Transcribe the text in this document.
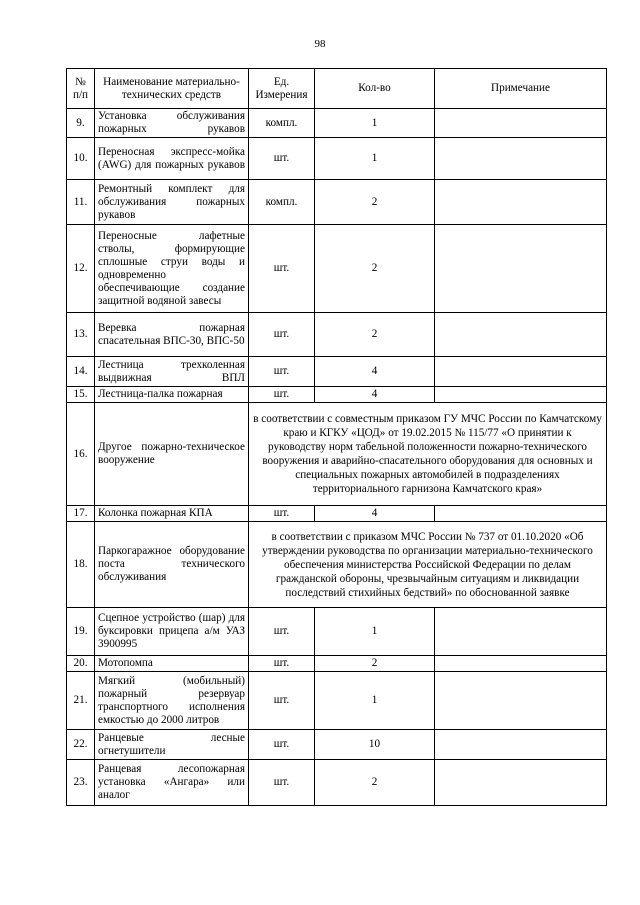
98
№ п/п	Наименование материально-технических средств	Ед. Измерения	Кол-во	Примечание
9.	Установка обслуживания пожарных рукавов	компл.	1	
10.	Переносная экспресс-мойка (AWG) для пожарных рукавов	шт.	1	
11.	Ремонтный комплект для обслуживания пожарных рукавов	компл.	2	
12.	Переносные лафетные стволы, формирующие сплошные струи воды и одновременно обеспечивающие создание защитной водяной завесы	шт.	2	
13.	Веревка пожарная спасательная ВПС-30, ВПС-50	шт.	2	
14.	Лестница трехколенная выдвижная ВПЛ	шт.	4	
15.	Лестница-палка пожарная	шт.	4	
16.	Другое пожарно-техническое вооружение	в соответствии с совместным приказом ГУ МЧС России по Камчатскому краю и КГКУ «ЦОД» от 19.02.2015 № 115/77 «О принятии к руководству норм табельной положенности пожарно-технического вооружения и аварийно-спасательного оборудования для основных и специальных пожарных автомобилей в подразделениях территориального гарнизона Камчатского края»		
17.	Колонка пожарная КПА	шт.	4	
18.	Паркогаражное оборудование поста технического обслуживания	в соответствии с приказом МЧС России № 737 от 01.10.2020 «Об утверждении руководства по организации материально-технического обеспечения министерства Российской Федерации по делам гражданской обороны, чрезвычайным ситуациям и ликвидации последствий стихийных бедствий» по обоснованной заявке		
19.	Сцепное устройство (шар) для буксировки прицепа а/м УАЗ 3900995	шт.	1	
20.	Мотопомпа	шт.	2	
21.	Мягкий (мобильный) пожарный резервуар транспортного исполнения емкостью до 2000 литров	шт.	1	
22.	Ранцевые лесные огнетушители	шт.	10	
23.	Ранцевая лесопожарная установка «Ангара» или аналог	шт.	2	
